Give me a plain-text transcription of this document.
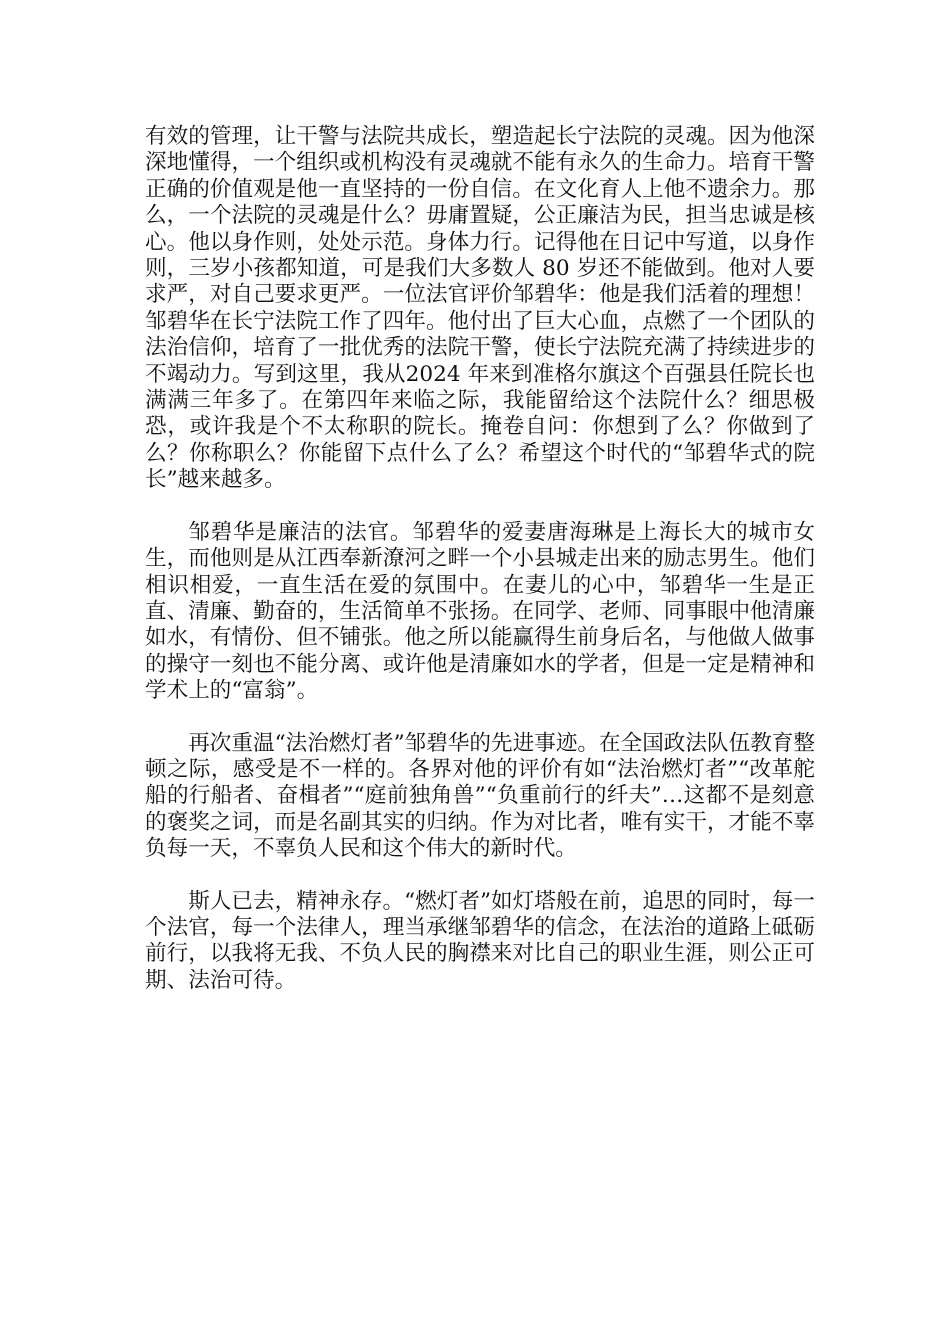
有效的管理，让干警与法院共成长，塑造起长宁法院的灵魂。因为他深深地懂得，一个组织或机构没有灵魂就不能有永久的生命力。培育干警正确的价值观是他一直坚持的一份自信。在文化育人上他不遗余力。那么，一个法院的灵魂是什么？毋庸置疑，公正廉洁为民，担当忠诚是核心。他以身作则，处处示范。身体力行。记得他在日记中写道，以身作则，三岁小孩都知道，可是我们大多数人 80 岁还不能做到。他对人要求严，对自己要求更严。一位法官评价邹碧华：他是我们活着的理想！邹碧华在长宁法院工作了四年。他付出了巨大心血，点燃了一个团队的法治信仰，培育了一批优秀的法院干警，使长宁法院充满了持续进步的不竭动力。写到这里，我从2024 年来到准格尔旗这个百强县任院长也满满三年多了。在第四年来临之际，我能留给这个法院什么？细思极恐，或许我是个不太称职的院长。掩卷自问：你想到了么？你做到了么？你称职么？你能留下点什么了么？希望这个时代的“邹碧华式的院长”越来越多。

邹碧华是廉洁的法官。邹碧华的爱妻唐海琳是上海长大的城市女生，而他则是从江西奉新潦河之畔一个小县城走出来的励志男生。他们相识相爱，一直生活在爱的氛围中。在妻儿的心中，邹碧华一生是正直、清廉、勤奋的，生活简单不张扬。在同学、老师、同事眼中他清廉如水，有情份、但不铺张。他之所以能赢得生前身后名，与他做人做事的操守一刻也不能分离、或许他是清廉如水的学者，但是一定是精神和学术上的“富翁”。

再次重温“法治燃灯者”邹碧华的先进事迹。在全国政法队伍教育整顿之际，感受是不一样的。各界对他的评价有如“法治燃灯者”“改革舵船的行船者、奋楫者”“庭前独角兽”“负重前行的纤夫”…这都不是刻意的褒奖之词，而是名副其实的归纳。作为对比者，唯有实干，才能不辜负每一天，不辜负人民和这个伟大的新时代。

斯人已去，精神永存。“燃灯者”如灯塔般在前，追思的同时，每一个法官，每一个法律人，理当承继邹碧华的信念，在法治的道路上砥砺前行，以我将无我、不负人民的胸襟来对比自己的职业生涯，则公正可期、法治可待。
